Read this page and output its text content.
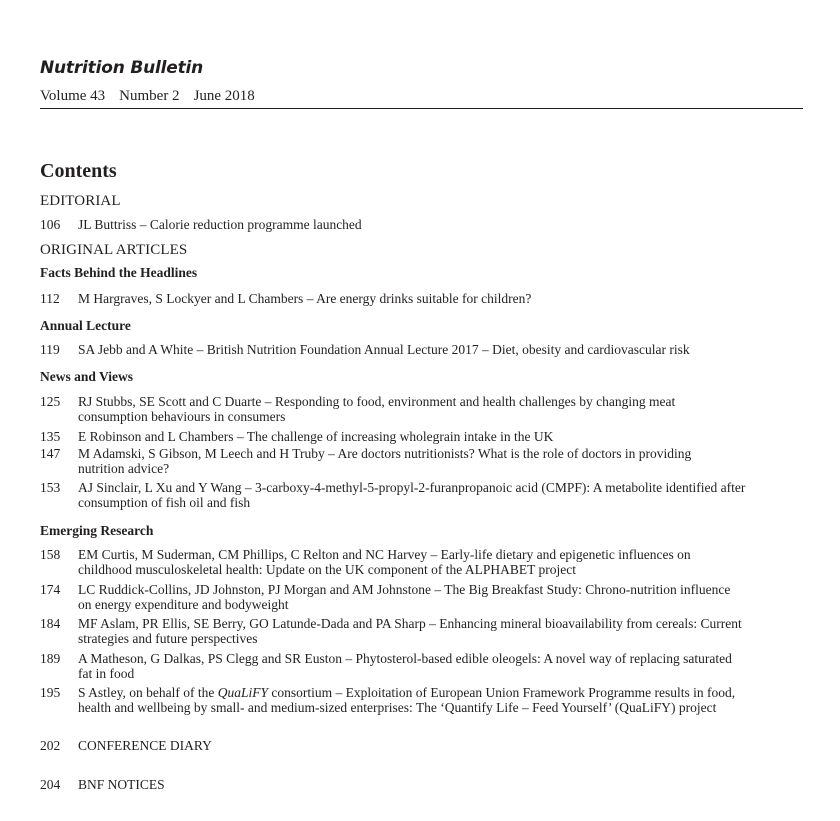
Nutrition Bulletin
Volume 43 Number 2 June 2018
Contents
EDITORIAL
106	JL Buttriss – Calorie reduction programme launched
ORIGINAL ARTICLES
Facts Behind the Headlines
112	M Hargraves, S Lockyer and L Chambers – Are energy drinks suitable for children?
Annual Lecture
119	SA Jebb and A White – British Nutrition Foundation Annual Lecture 2017 – Diet, obesity and cardiovascular risk
News and Views
125	RJ Stubbs, SE Scott and C Duarte – Responding to food, environment and health challenges by changing meat
consumption behaviours in consumers
135	E Robinson and L Chambers – The challenge of increasing wholegrain intake in the UK
147	M Adamski, S Gibson, M Leech and H Truby – Are doctors nutritionists? What is the role of doctors in providing
nutrition advice?
153	AJ Sinclair, L Xu and Y Wang – 3-carboxy-4-methyl-5-propyl-2-furanpropanoic acid (CMPF): A metabolite identified after
consumption of fish oil and fish
Emerging Research
158	EM Curtis, M Suderman, CM Phillips, C Relton and NC Harvey – Early-life dietary and epigenetic influences on
childhood musculoskeletal health: Update on the UK component of the ALPHABET project
174	LC Ruddick-Collins, JD Johnston, PJ Morgan and AM Johnstone – The Big Breakfast Study: Chrono-nutrition influence
on energy expenditure and bodyweight
184	MF Aslam, PR Ellis, SE Berry, GO Latunde-Dada and PA Sharp – Enhancing mineral bioavailability from cereals: Current
strategies and future perspectives
189	A Matheson, G Dalkas, PS Clegg and SR Euston – Phytosterol-based edible oleogels: A novel way of replacing saturated
fat in food
195	S Astley, on behalf of the QuaLiFY consortium – Exploitation of European Union Framework Programme results in food,
health and wellbeing by small- and medium-sized enterprises: The ‘Quantify Life – Feed Yourself’ (QuaLiFY) project
202	CONFERENCE DIARY
204	BNF NOTICES
